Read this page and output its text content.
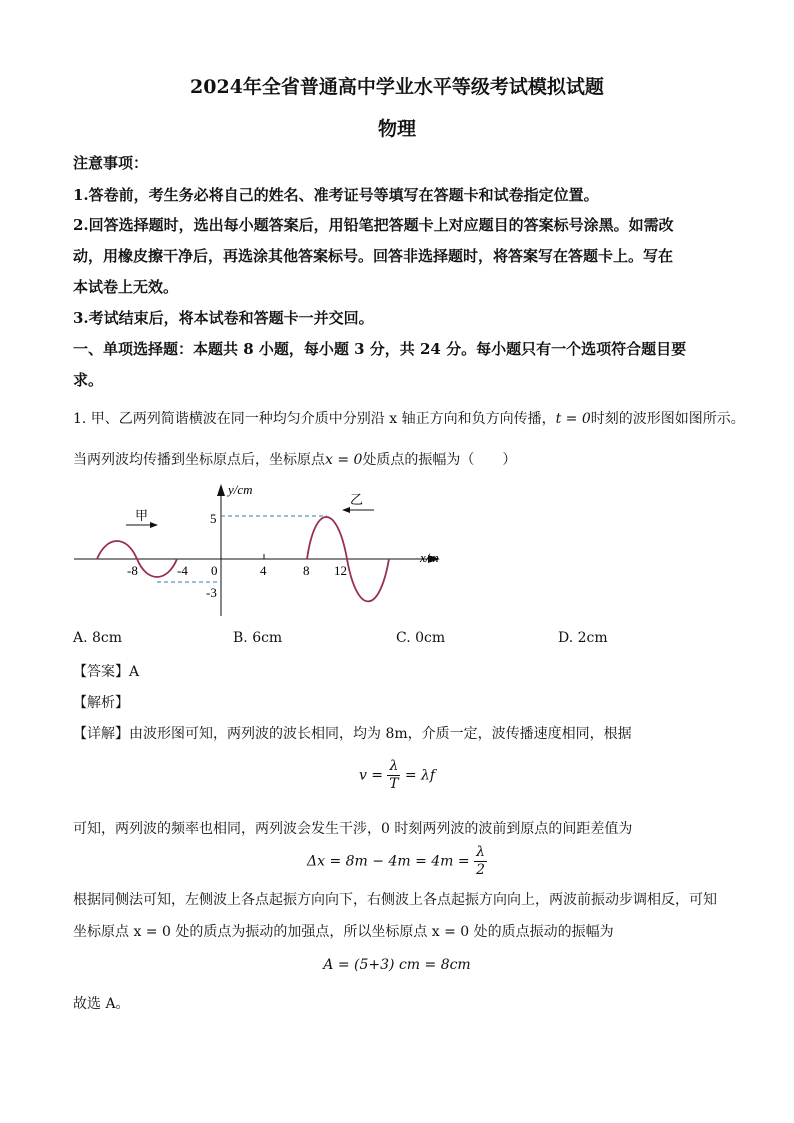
2024年全省普通高中学业水平等级考试模拟试题
物理
注意事项：
1.答卷前，考生务必将自己的姓名、准考证号等填写在答题卡和试卷指定位置。
2.回答选择题时，选出每小题答案后，用铅笔把答题卡上对应题目的答案标号涂黑。如需改
动，用橡皮擦干净后，再选涂其他答案标号。回答非选择题时，将答案写在答题卡上。写在
本试卷上无效。
3.考试结束后，将本试卷和答题卡一并交回。
一、单项选择题：本题共 8 小题，每小题 3 分，共 24 分。每小题只有一个选项符合题目要
求。
1. 甲、乙两列简谐横波在同一种均匀介质中分别沿 x 轴正方向和负方向传播，t = 0时刻的波形图如图所示。
当两列波均传播到坐标原点后，坐标原点x = 0处质点的振幅为（　　）
y/cm
x/m
甲
乙
-8	-4 0	4	8 12
5
-3
A. 8cm	B. 6cm	C. 0cm	D. 2cm
【答案】A
【解析】
【详解】由波形图可知，两列波的波长相同，均为 8m，介质一定，波传播速度相同，根据
$v = \frac{\lambda}{T} = \lambda f$
可知，两列波的频率也相同，两列波会发生干涉，0 时刻两列波的波前到原点的间距差值为
$\Delta x = 8m - 4m = 4m = \frac{\lambda}{2}$
根据同侧法可知，左侧波上各点起振方向向下，右侧波上各点起振方向向上，两波前振动步调相反，可知
坐标原点 x = 0 处的质点为振动的加强点，所以坐标原点 x = 0 处的质点振动的振幅为
A = (5+3) cm = 8cm
故选 A。
